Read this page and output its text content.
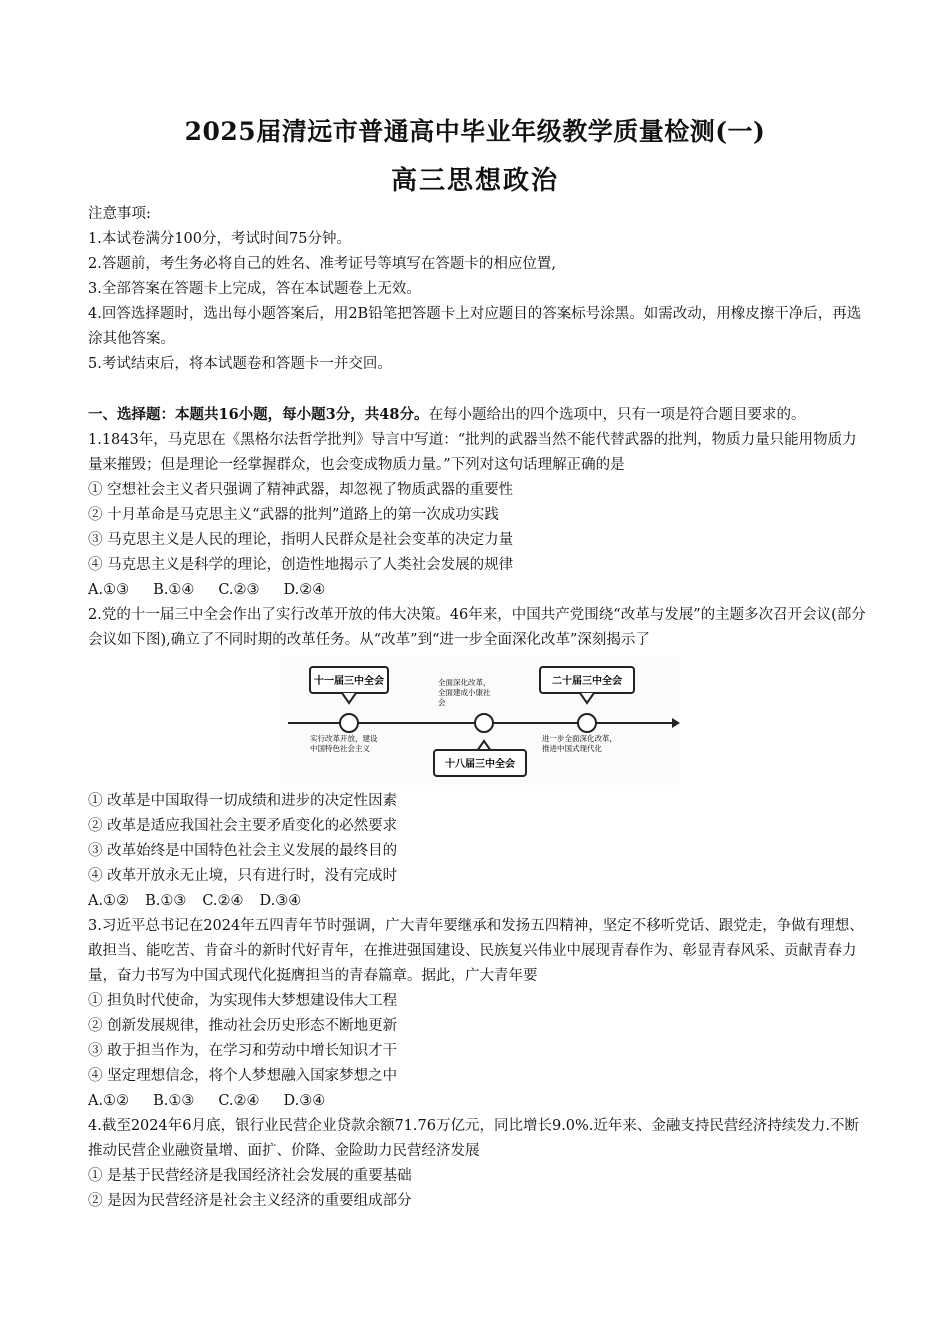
2025届清远市普通高中毕业年级教学质量检测(一)
高三思想政治
注意事项:
1.本试卷满分100分，考试时间75分钟。
2.答题前，考生务必将自己的姓名、准考证号等填写在答题卡的相应位置,
3.全部答案在答题卡上完成，答在本试题卷上无效。
4.回答选择题时，选出每小题答案后，用2B铅笔把答题卡上对应题目的答案标号涂黑。如需改动，用橡皮擦干净后，再选涂其他答案。
5.考试结束后，将本试题卷和答题卡一并交回。
一、选择题：本题共16小题，每小题3分，共48分。在每小题给出的四个选项中，只有一项是符合题目要求的。
1.1843年，马克思在《黑格尔法哲学批判》导言中写道：“批判的武器当然不能代替武器的批判，物质力量只能用物质力量来摧毁；但是理论一经掌握群众，也会变成物质力量。”下列对这句话理解正确的是
① 空想社会主义者只强调了精神武器，却忽视了物质武器的重要性
② 十月革命是马克思主义“武器的批判”道路上的第一次成功实践
③ 马克思主义是人民的理论，指明人民群众是社会变革的决定力量
④ 马克思主义是科学的理论，创造性地揭示了人类社会发展的规律
A.①③ B.①④ C.②③ D.②④
2.党的十一届三中全会作出了实行改革开放的伟大决策。46年来，中国共产党围绕“改革与发展”的主题多次召开会议(部分会议如下图),确立了不同时期的改革任务。从“改革”到“进一步全面深化改革”深刻揭示了
十一届三中全会
实行改革开放，建设
中国特色社会主义
全面深化改革，
全面建成小康社
会
十八届三中全会
二十届三中全会
进一步全面深化改革，
推进中国式现代化
① 改革是中国取得一切成绩和进步的决定性因素
② 改革是适应我国社会主要矛盾变化的必然要求
③ 改革始终是中国特色社会主义发展的最终目的
④ 改革开放永无止境，只有进行时，没有完成时
A.①② B.①③ C.②④ D.③④
3.习近平总书记在2024年五四青年节时强调，广大青年要继承和发扬五四精神，坚定不移听党话、跟党走，争做有理想、敢担当、能吃苦、肯奋斗的新时代好青年，在推进强国建设、民族复兴伟业中展现青春作为、彰显青春风采、贡献青春力量，奋力书写为中国式现代化挺膺担当的青春篇章。据此，广大青年要
① 担负时代使命，为实现伟大梦想建设伟大工程
② 创新发展规律，推动社会历史形态不断地更新
③ 敢于担当作为，在学习和劳动中增长知识才干
④ 坚定理想信念，将个人梦想融入国家梦想之中
A.①② B.①③ C.②④ D.③④
4.截至2024年6月底，银行业民营企业贷款余额71.76万亿元，同比增长9.0%.近年来、金融支持民营经济持续发力.不断推动民营企业融资量增、面扩、价降、金险助力民营经济发展
① 是基于民营经济是我国经济社会发展的重要基础
② 是因为民营经济是社会主义经济的重要组成部分
